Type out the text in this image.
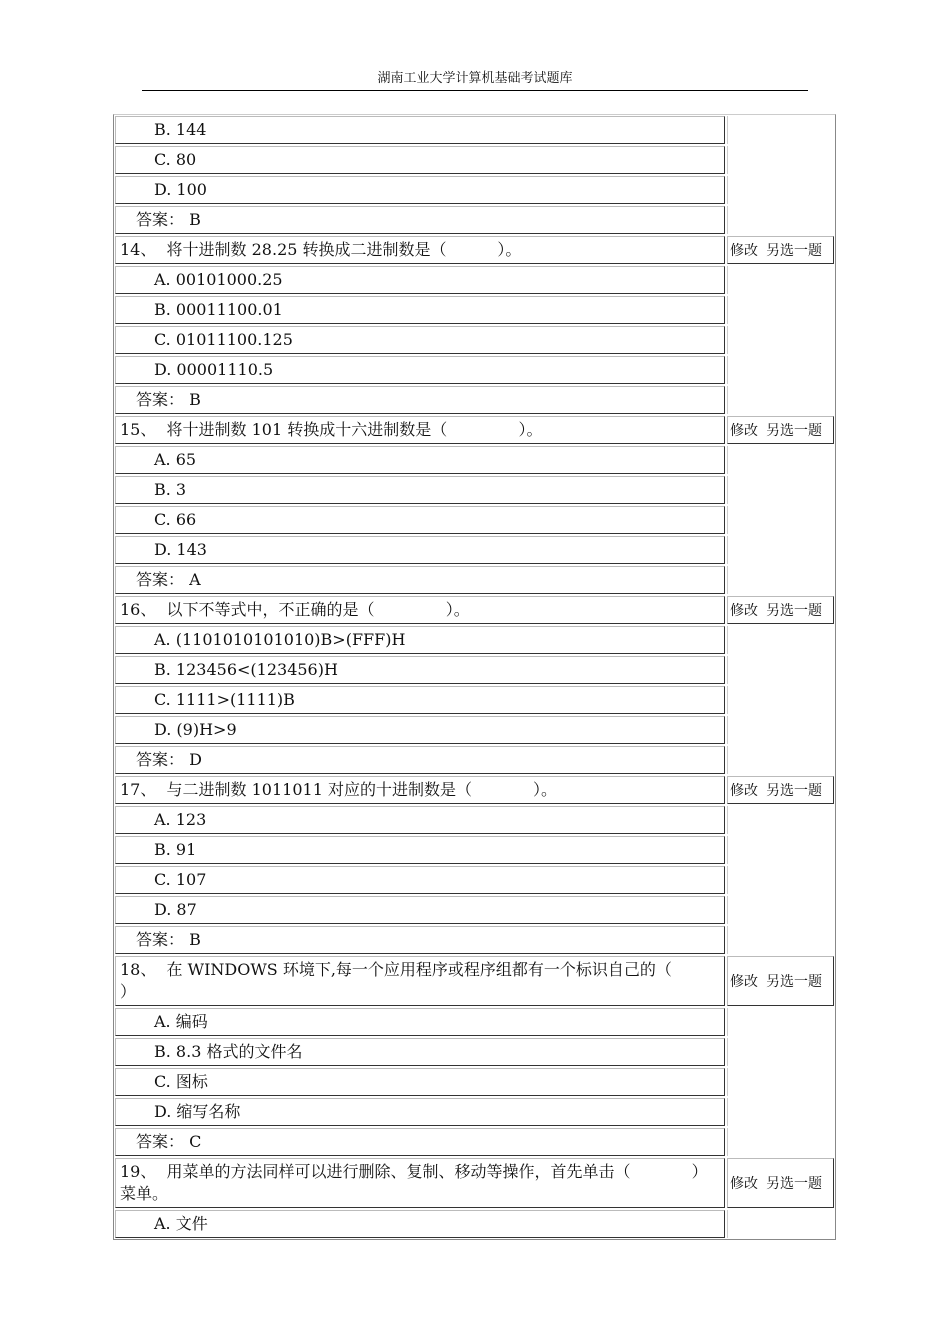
湖南工业大学计算机基础考试题库
B. 144
C. 80
D. 100
答案： B
14、  将十进制数 28.25 转换成二进制数是（          ）。	修改 另选一题
A. 00101000.25
B. 00011100.01
C. 01011100.125
D. 00001110.5
答案： B
15、  将十进制数 101 转换成十六进制数是（              ）。	修改 另选一题
A. 65
B. 3
C. 66
D. 143
答案： A
16、  以下不等式中，不正确的是（              ）。	修改 另选一题
A. (1101010101010)B>(FFF)H
B. 123456<(123456)H
C. 1111>(1111)B
D. (9)H>9
答案： D
17、  与二进制数 1011011 对应的十进制数是（            ）。	修改 另选一题
A. 123
B. 91
C. 107
D. 87
答案： B
18、  在 WINDOWS 环境下,每一个应用程序或程序组都有一个标识自己的（            ）	修改 另选一题
A. 编码
B. 8.3 格式的文件名
C. 图标
D. 缩写名称
答案： C
19、  用菜单的方法同样可以进行删除、复制、移动等操作，首先单击（            ）菜单。	修改 另选一题
A. 文件
